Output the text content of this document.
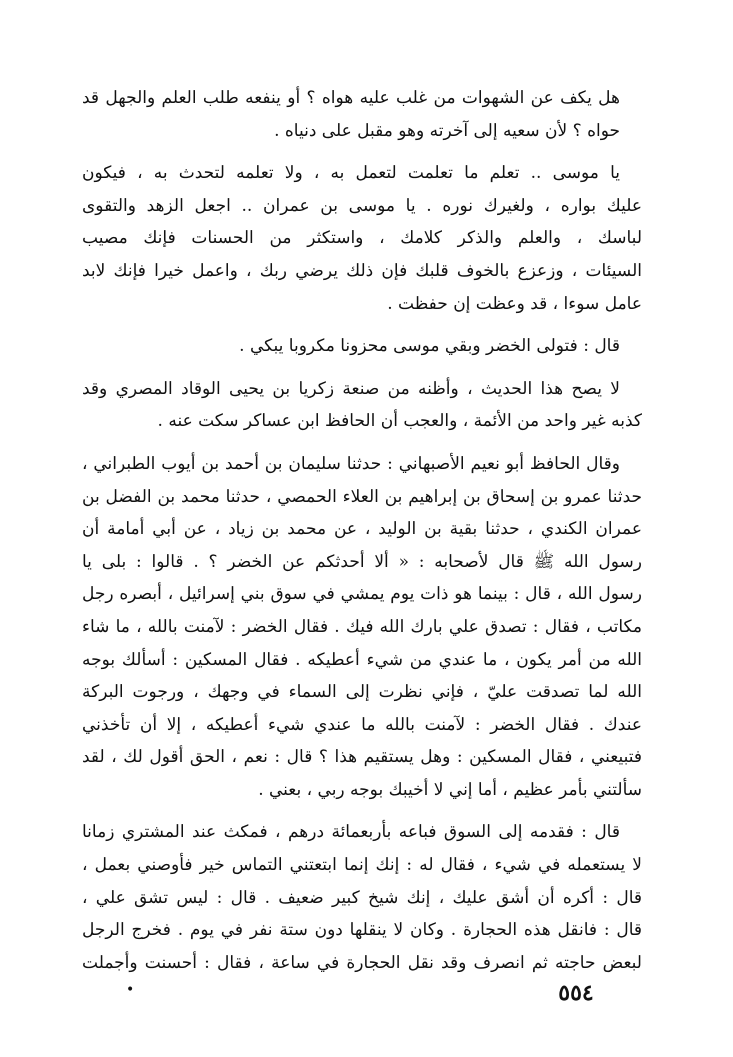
هل يكف عن الشهوات من غلب عليه هواه ؟ أو ينفعه طلب العلم والجهل قد
حواه ؟ لأن سعيه إلى آخرته وهو مقبل على دنياه .

يا موسى .. تعلم ما تعلمت لتعمل به ، ولا تعلمه لتحدث به ، فيكون
عليك بواره ، ولغيرك نوره . يا موسى بن عمران .. اجعل الزهد والتقوى
لباسك ، والعلم والذكر كلامك ، واستكثر من الحسنات فإنك مصيب
السيئات ، وزعزع بالخوف قلبك فإن ذلك يرضي ربك ، واعمل خيرا فإنك لابد
عامل سوءا ، قد وعظت إن حفظت .

قال : فتولى الخضر وبقي موسى محزونا مكروبا يبكي .

لا يصح هذا الحديث ، وأظنه من صنعة زكريا بن يحيى الوقاد المصري وقد
كذبه غير واحد من الأئمة ، والعجب أن الحافظ ابن عساكر سكت عنه .

وقال الحافظ أبو نعيم الأصبهاني : حدثنا سليمان بن أحمد بن أيوب الطبراني ،
حدثنا عمرو بن إسحاق بن إبراهيم بن العلاء الحمصي ، حدثنا محمد بن الفضل بن
عمران الكندي ، حدثنا بقية بن الوليد ، عن محمد بن زياد ، عن أبي أمامة أن
رسول الله ﷺ قال لأصحابه : « ألا أحدثكم عن الخضر ؟ . قالوا : بلى يا
رسول الله ، قال : بينما هو ذات يوم يمشي في سوق بني إسرائيل ، أبصره رجل
مكاتب ، فقال : تصدق علي بارك الله فيك . فقال الخضر : لآمنت بالله ، ما شاء
الله من أمر يكون ، ما عندي من شيء أعطيكه . فقال المسكين : أسألك بوجه
الله لما تصدقت عليّ ، فإني نظرت إلى السماء في وجهك ، ورجوت البركة
عندك . فقال الخضر : لآمنت بالله ما عندي شيء أعطيكه ، إلا أن تأخذني
فتبيعني ، فقال المسكين : وهل يستقيم هذا ؟ قال : نعم ، الحق أقول لك ، لقد
سألتني بأمر عظيم ، أما إني لا أخيبك بوجه ربي ، بعني .

قال : فقدمه إلى السوق فباعه بأربعمائة درهم ، فمكث عند المشتري زمانا
لا يستعمله في شيء ، فقال له : إنك إنما ابتعتني التماس خير فأوصني بعمل ،
قال : أكره أن أشق عليك ، إنك شيخ كبير ضعيف . قال : ليس تشق علي ،
قال : فانقل هذه الحجارة . وكان لا ينقلها دون ستة نفر في يوم . فخرج الرجل
لبعض حاجته ثم انصرف وقد نقل الحجارة في ساعة ، فقال : أحسنت وأجملت

٥٥٤
•
